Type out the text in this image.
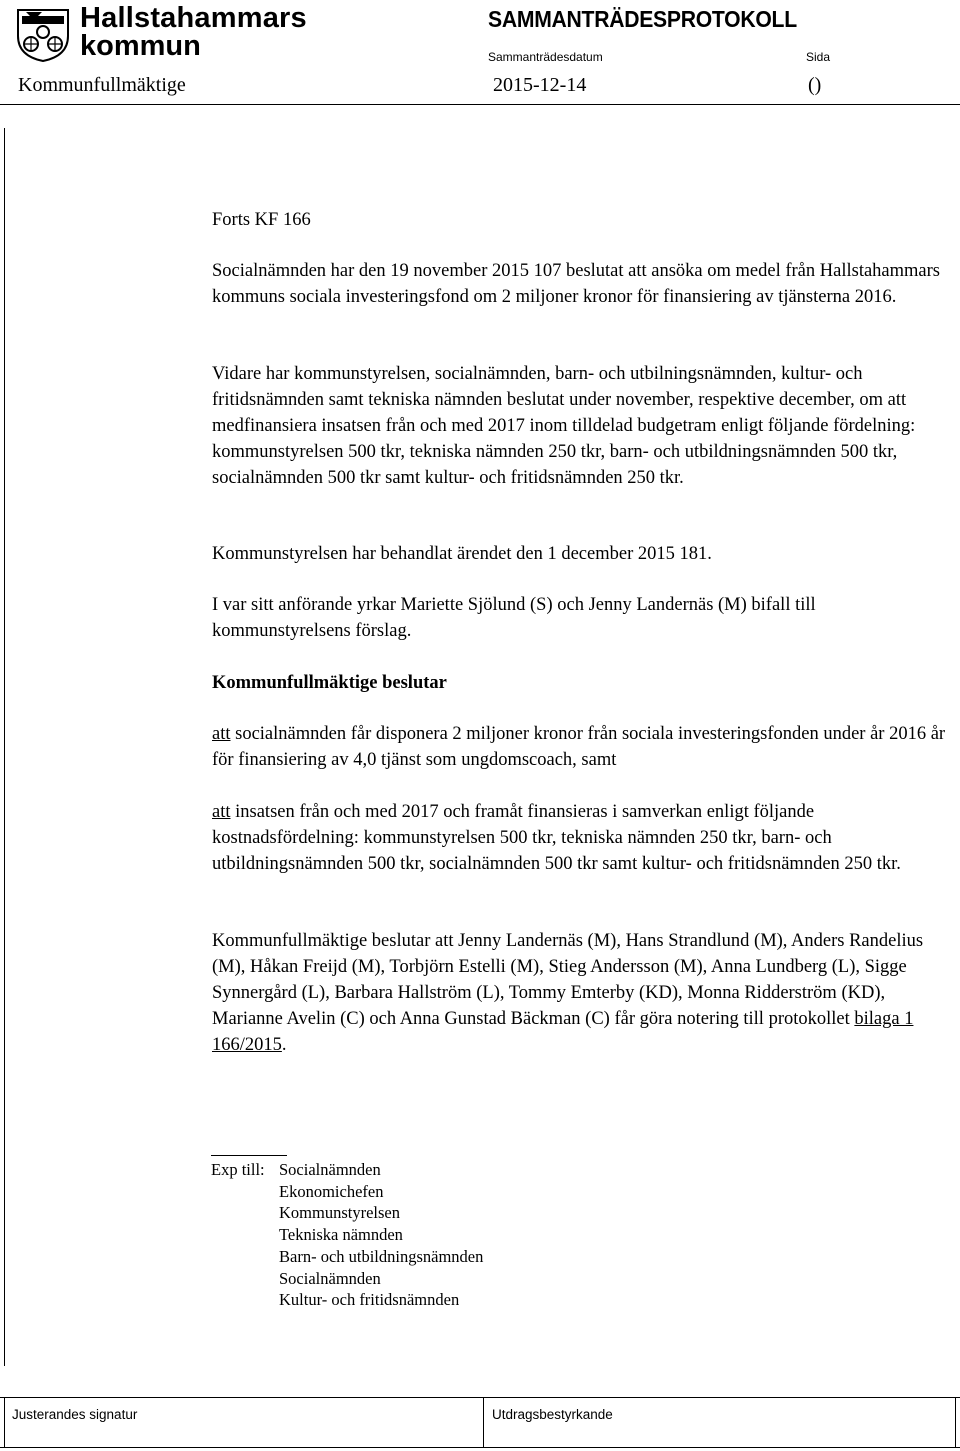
Hallstahammars
kommun
SAMMANTRÄDESPROTOKOLL
Sammanträdesdatum	Sida
Kommunfullmäktige	2015-12-14	()
Forts KF 166
Socialnämnden har den 19 november 2015 107 beslutat att ansöka om medel från Hallstahammars kommuns sociala investeringsfond om 2 miljoner kronor för finansiering av tjänsterna 2016.
Vidare har kommunstyrelsen, socialnämnden, barn- och utbilningsnämnden, kultur- och fritidsnämnden samt tekniska nämnden beslutat under november, respektive december, om att medfinansiera insatsen från och med 2017 inom tilldelad budgetram enligt följande fördelning: kommunstyrelsen 500 tkr, tekniska nämnden 250 tkr, barn- och utbildningsnämnden 500 tkr, socialnämnden 500 tkr samt kultur- och fritidsnämnden 250 tkr.
Kommunstyrelsen har behandlat ärendet den 1 december 2015 181.
I var sitt anförande yrkar Mariette Sjölund (S) och Jenny Landernäs (M) bifall till kommunstyrelsens förslag.
Kommunfullmäktige beslutar
att socialnämnden får disponera 2 miljoner kronor från sociala investeringsfonden under år 2016 år för finansiering av 4,0 tjänst som ungdomscoach, samt
att insatsen från och med 2017 och framåt finansieras i samverkan enligt följande kostnadsfördelning: kommunstyrelsen 500 tkr, tekniska nämnden 250 tkr, barn- och utbildningsnämnden 500 tkr, socialnämnden 500 tkr samt kultur- och fritidsnämnden 250 tkr.
Kommunfullmäktige beslutar att Jenny Landernäs (M), Hans Strandlund (M), Anders Randelius (M), Håkan Freijd (M), Torbjörn Estelli (M), Stieg Andersson (M), Anna Lundberg (L), Sigge Synnergård (L), Barbara Hallström (L), Tommy Emterby (KD), Monna Ridderström (KD), Marianne Avelin (C) och Anna Gunstad Bäckman (C) får göra notering till protokollet bilaga 1 166/2015.
Exp till: Socialnämnden
Ekonomichefen
Kommunstyrelsen
Tekniska nämnden
Barn- och utbildningsnämnden
Socialnämnden
Kultur- och fritidsnämnden
Justerandes signatur	Utdragsbestyrkande
